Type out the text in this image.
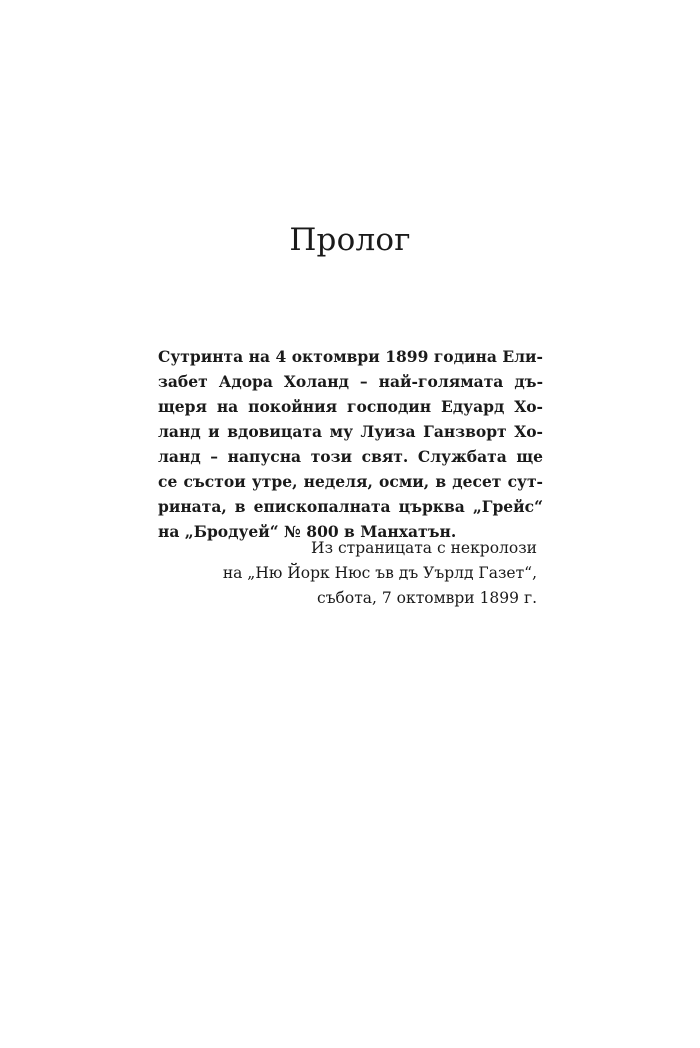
Пролог
Сутринта на 4 октомври 1899 година Ели-
забет Адора Холанд – най-голямата дъ-
щеря на покойния господин Едуард Хо-
ланд и вдовицата му Луиза Ганзворт Хо-
ланд – напусна този свят. Службата ще
се състои утре, неделя, осми, в десет сут-
рината, в епископалната църква „Грейс“
на „Бродуей“ № 800 в Манхатън.
Из страницата с некролози
на „Ню Йорк Нюс ъв дъ Уърлд Газет“,
събота, 7 октомври 1899 г.
